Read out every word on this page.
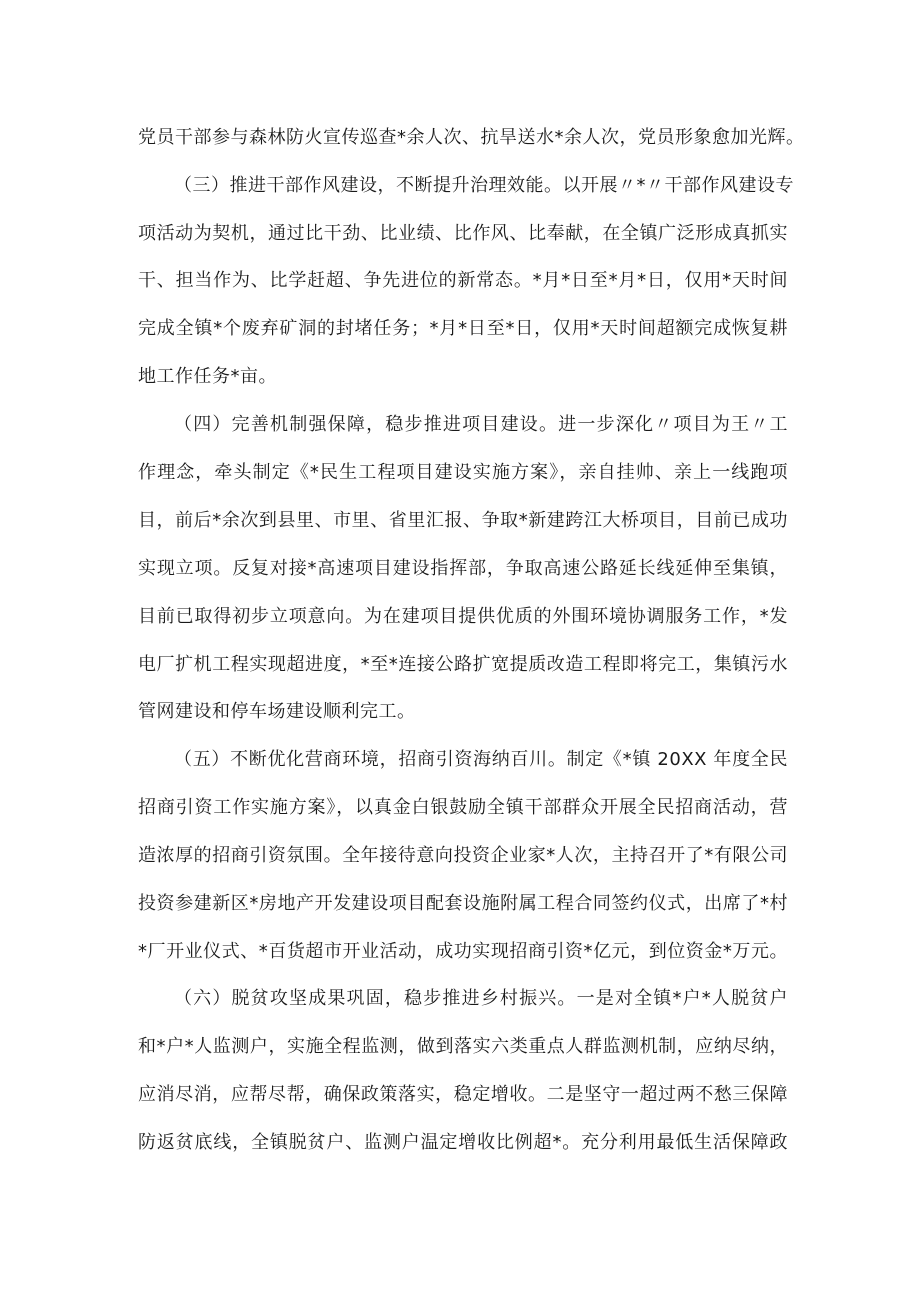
党员干部参与森林防火宣传巡查*余人次、抗旱送水*余人次，党员形象愈加光辉。
（三）推进干部作风建设，不断提升治理效能。以开展〃*〃干部作风建设专
项活动为契机，通过比干劲、比业绩、比作风、比奉献，在全镇广泛形成真抓实
干、担当作为、比学赶超、争先进位的新常态。*月*日至*月*日，仅用*天时间
完成全镇*个废弃矿洞的封堵任务；*月*日至*日，仅用*天时间超额完成恢复耕
地工作任务*亩。
（四）完善机制强保障，稳步推进项目建设。进一步深化〃项目为王〃工
作理念，牵头制定《*民生工程项目建设实施方案》，亲自挂帅、亲上一线跑项
目，前后*余次到县里、市里、省里汇报、争取*新建跨江大桥项目，目前已成功
实现立项。反复对接*高速项目建设指挥部，争取高速公路延长线延伸至集镇，
目前已取得初步立项意向。为在建项目提供优质的外围环境协调服务工作，*发
电厂扩机工程实现超进度，*至*连接公路扩宽提质改造工程即将完工，集镇污水
管网建设和停车场建设顺利完工。
（五）不断优化营商环境，招商引资海纳百川。制定《*镇 20XX 年度全民
招商引资工作实施方案》，以真金白银鼓励全镇干部群众开展全民招商活动，营
造浓厚的招商引资氛围。全年接待意向投资企业家*人次，主持召开了*有限公司
投资参建新区*房地产开发建设项目配套设施附属工程合同签约仪式，出席了*村
*厂开业仪式、*百货超市开业活动，成功实现招商引资*亿元，到位资金*万元。
（六）脱贫攻坚成果巩固，稳步推进乡村振兴。一是对全镇*户*人脱贫户
和*户*人监测户，实施全程监测，做到落实六类重点人群监测机制，应纳尽纳，
应消尽消，应帮尽帮，确保政策落实，稳定增收。二是坚守一超过两不愁三保障
防返贫底线，全镇脱贫户、监测户温定增收比例超*。充分利用最低生活保障政
